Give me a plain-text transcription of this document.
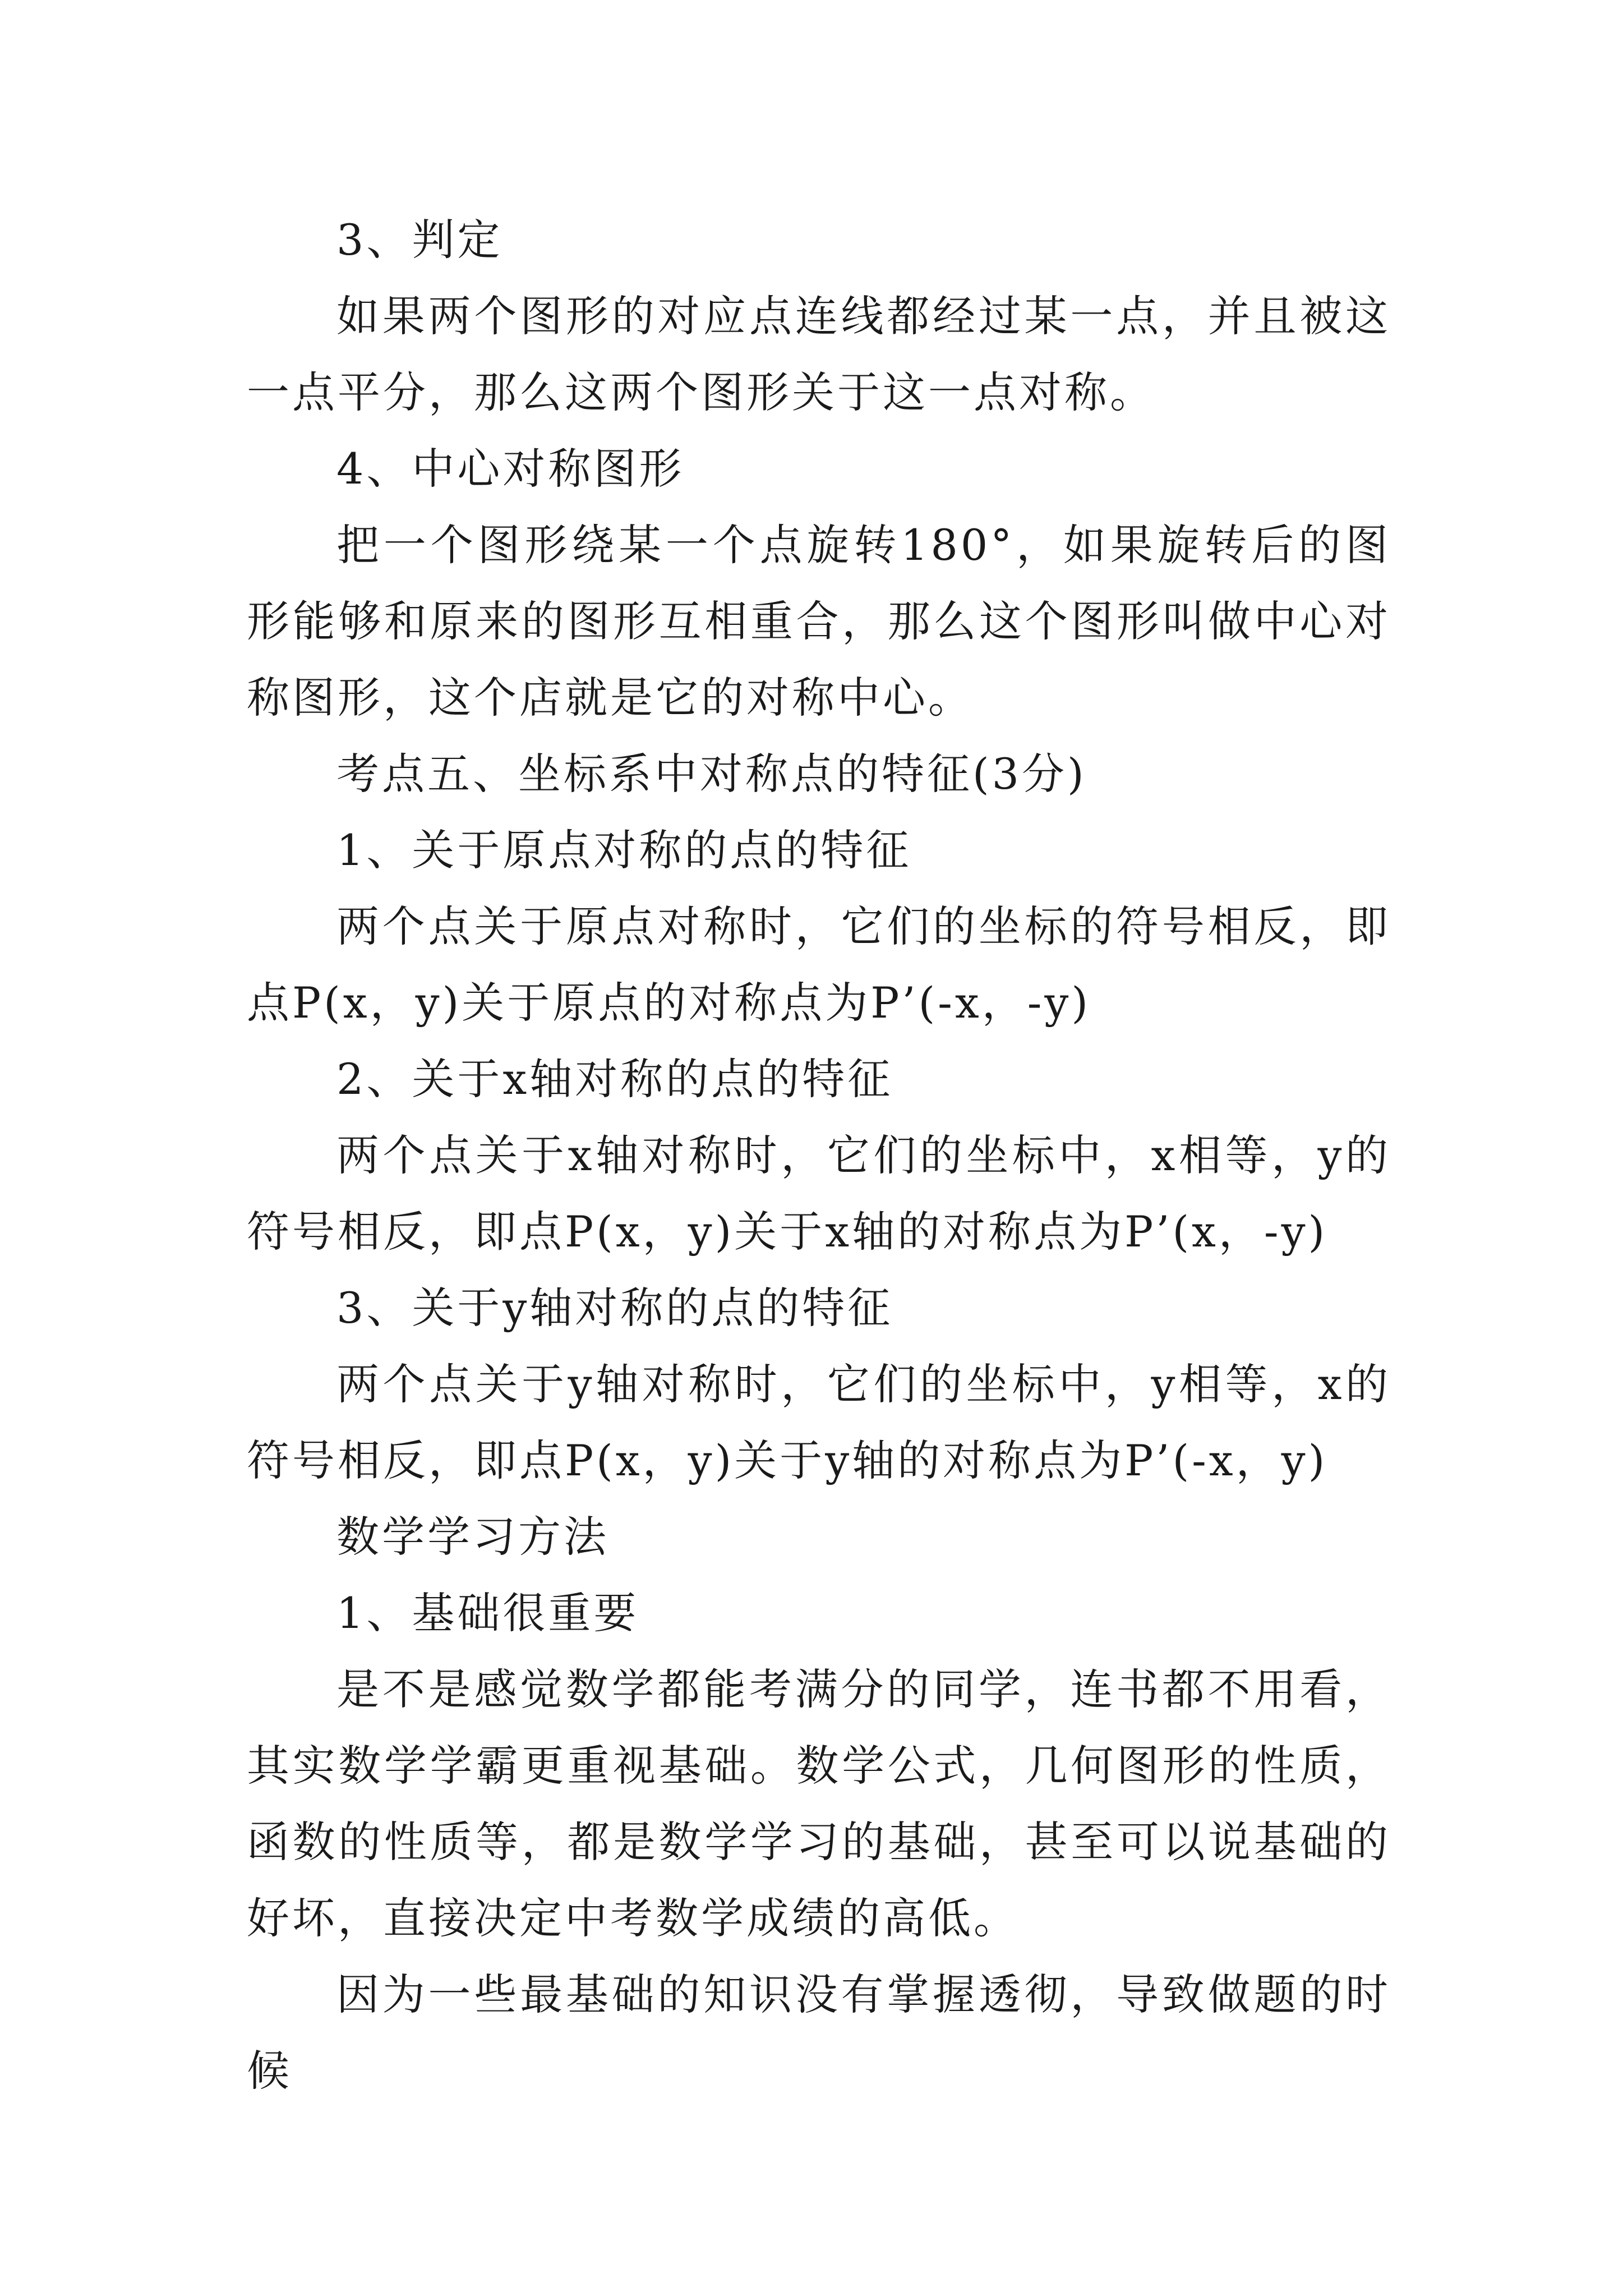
3、判定

如果两个图形的对应点连线都经过某一点，并且被这一点平分，那么这两个图形关于这一点对称。

4、中心对称图形

把一个图形绕某一个点旋转180°，如果旋转后的图形能够和原来的图形互相重合，那么这个图形叫做中心对称图形，这个店就是它的对称中心。

考点五、坐标系中对称点的特征(3分)

1、关于原点对称的点的特征

两个点关于原点对称时，它们的坐标的符号相反，即点P(x，y)关于原点的对称点为P’(-x，-y)

2、关于x轴对称的点的特征

两个点关于x轴对称时，它们的坐标中，x相等，y的符号相反，即点P(x，y)关于x轴的对称点为P’(x，-y)

3、关于y轴对称的点的特征

两个点关于y轴对称时，它们的坐标中，y相等，x的符号相反，即点P(x，y)关于y轴的对称点为P’(-x，y)

数学学习方法

1、基础很重要

是不是感觉数学都能考满分的同学，连书都不用看，其实数学学霸更重视基础。数学公式，几何图形的性质，函数的性质等，都是数学学习的基础，甚至可以说基础的好坏，直接决定中考数学成绩的高低。

因为一些最基础的知识没有掌握透彻，导致做题的时候
